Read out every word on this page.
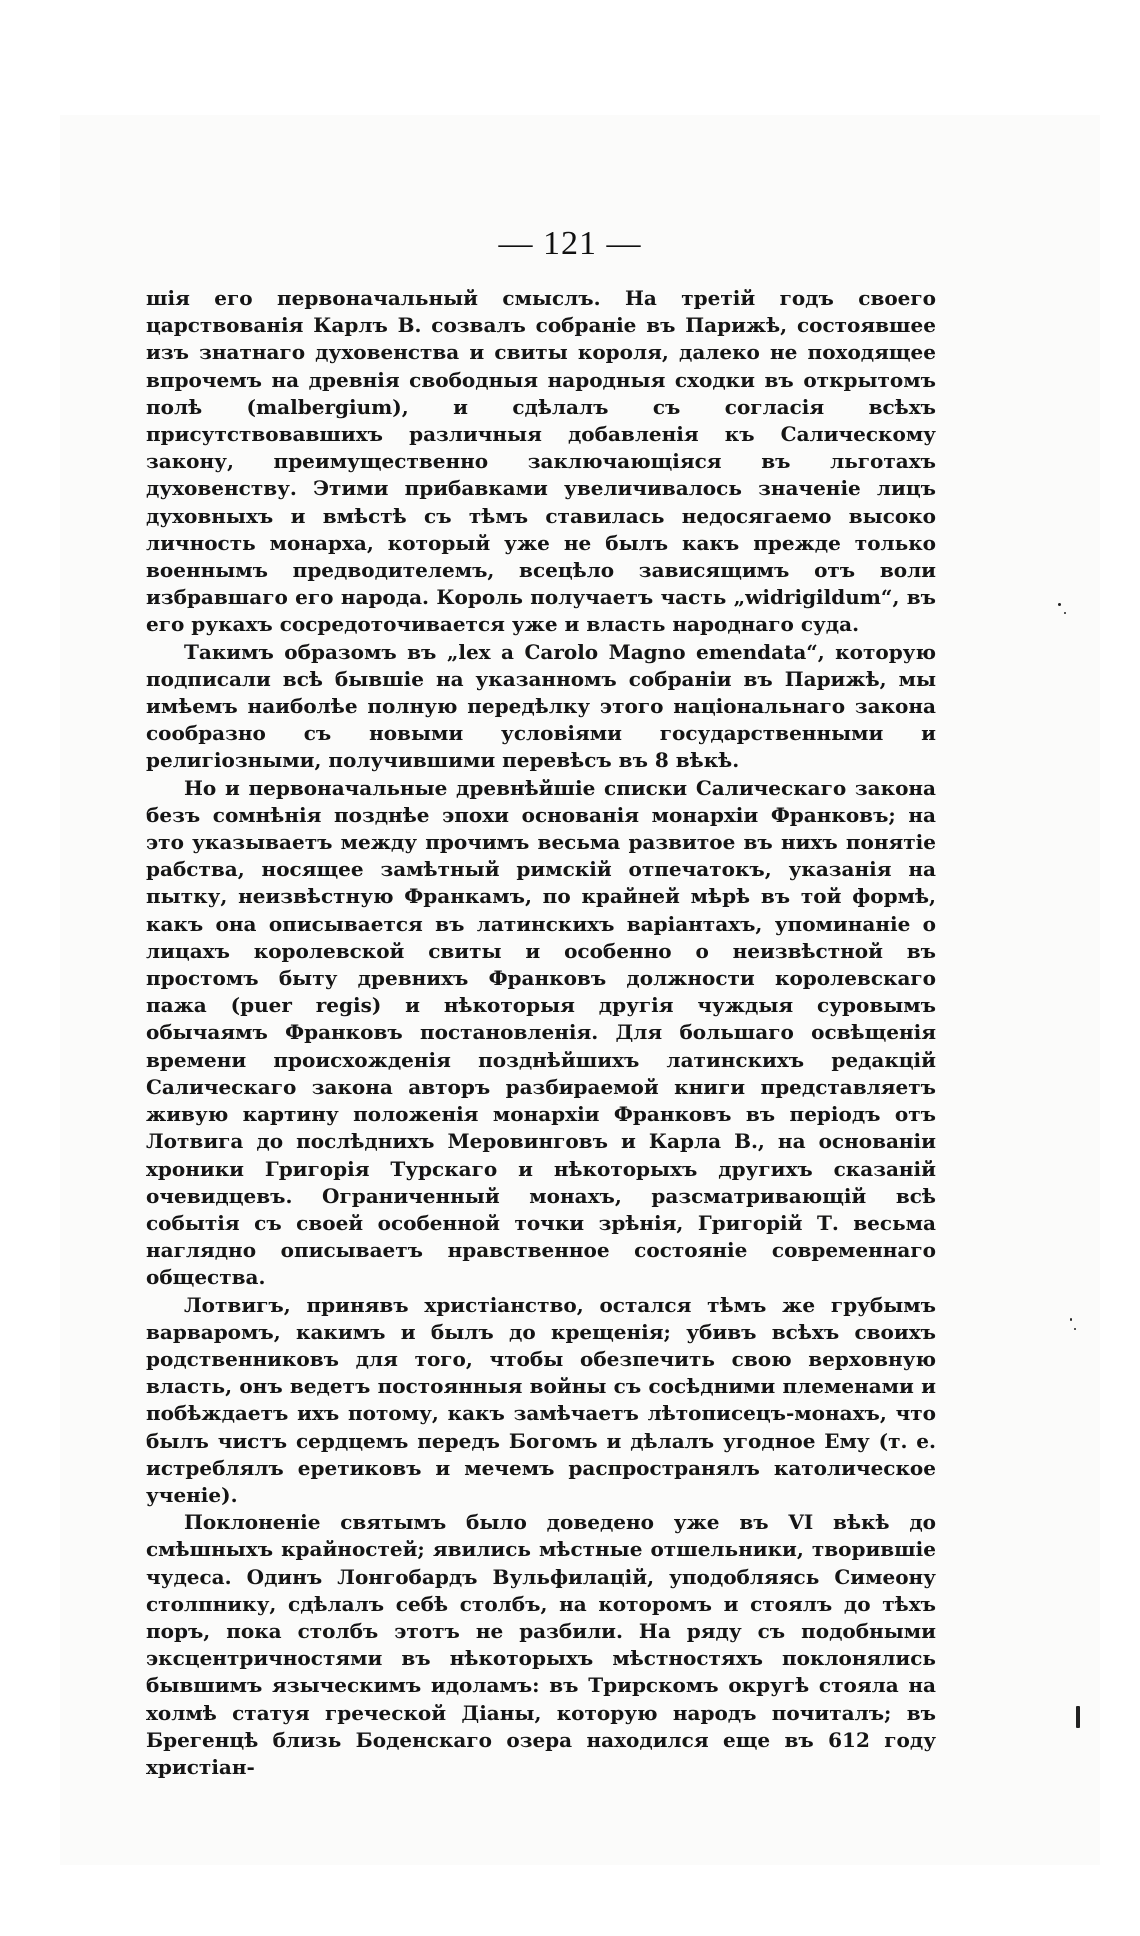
— 121 —

шія его первоначальный смыслъ. На третій годъ своего царствованія Карлъ В. созвалъ собраніе въ Парижѣ, состоявшее изъ знатнаго духовенства и свиты короля, далеко не походящее впрочемъ на древнія свободныя народныя сходки въ открытомъ полѣ (malbergium), и сдѣлалъ съ согласія всѣхъ присутствовавшихъ различныя добавленія къ Салическому закону, преимущественно заключающіяся въ льготахъ духовенству. Этими прибавками увеличивалось значеніе лицъ духовныхъ и вмѣстѣ съ тѣмъ ставилась недосягаемо высоко личность монарха, который уже не былъ какъ прежде только военнымъ предводителемъ, всецѣло зависящимъ отъ воли избравшаго его народа. Король получаетъ часть „widrigildum“, въ его рукахъ сосредоточивается уже и власть народнаго суда.

Такимъ образомъ въ „lex a Carolo Magno emendata“, которую подписали всѣ бывшіе на указанномъ собраніи въ Парижѣ, мы имѣемъ наиболѣе полную передѣлку этого національнаго закона сообразно съ новыми условіями государственными и религіозными, получившими перевѣсъ въ 8 вѣкѣ.

Но и первоначальные древнѣйшіе списки Салическаго закона безъ сомнѣнія позднѣе эпохи основанія монархіи Франковъ; на это указываетъ между прочимъ весьма развитое въ нихъ понятіе рабства, носящее замѣтный римскій отпечатокъ, указанія на пытку, неизвѣстную Франкамъ, по крайней мѣрѣ въ той формѣ, какъ она описывается въ латинскихъ варіантахъ, упоминаніе о лицахъ королевской свиты и особенно о неизвѣстной въ простомъ быту древнихъ Франковъ должности королевскаго пажа (puer regis) и нѣкоторыя другія чуждыя суровымъ обычаямъ Франковъ постановленія. Для большаго освѣщенія времени происхожденія позднѣйшихъ латинскихъ редакцій Салическаго закона авторъ разбираемой книги представляетъ живую картину положенія монархіи Франковъ въ періодъ отъ Лотвига до послѣднихъ Меровинговъ и Карла В., на основаніи хроники Григорія Турскаго и нѣкоторыхъ другихъ сказаній очевидцевъ. Ограниченный монахъ, разсматривающій всѣ событія съ своей особенной точки зрѣнія, Григорій Т. весьма наглядно описываетъ нравственное состояніе современнаго общества.

Лотвигъ, принявъ христіанство, остался тѣмъ же грубымъ варваромъ, какимъ и былъ до крещенія; убивъ всѣхъ своихъ родственниковъ для того, чтобы обезпечить свою верховную власть, онъ ведетъ постоянныя войны съ сосѣдними племенами и побѣждаетъ ихъ потому, какъ замѣчаетъ лѣтописецъ-монахъ, что былъ чистъ сердцемъ передъ Богомъ и дѣлалъ угодное Ему (т. е. истреблялъ еретиковъ и мечемъ распространялъ католическое ученіе).

Поклоненіе святымъ было доведено уже въ VI вѣкѣ до смѣшныхъ крайностей; явились мѣстные отшельники, творившіе чудеса. Одинъ Лонгобардъ Вульфилацій, уподобляясь Симеону столпнику, сдѣлалъ себѣ столбъ, на которомъ и стоялъ до тѣхъ поръ, пока столбъ этотъ не разбили. На ряду съ подобными эксцентричностями въ нѣкоторыхъ мѣстностяхъ поклонялись бывшимъ языческимъ идоламъ: въ Трирскомъ округѣ стояла на холмѣ статуя греческой Діаны, которую народъ почиталъ; въ Брегенцѣ близь Боденскаго озера находился еще въ 612 году христіан-
